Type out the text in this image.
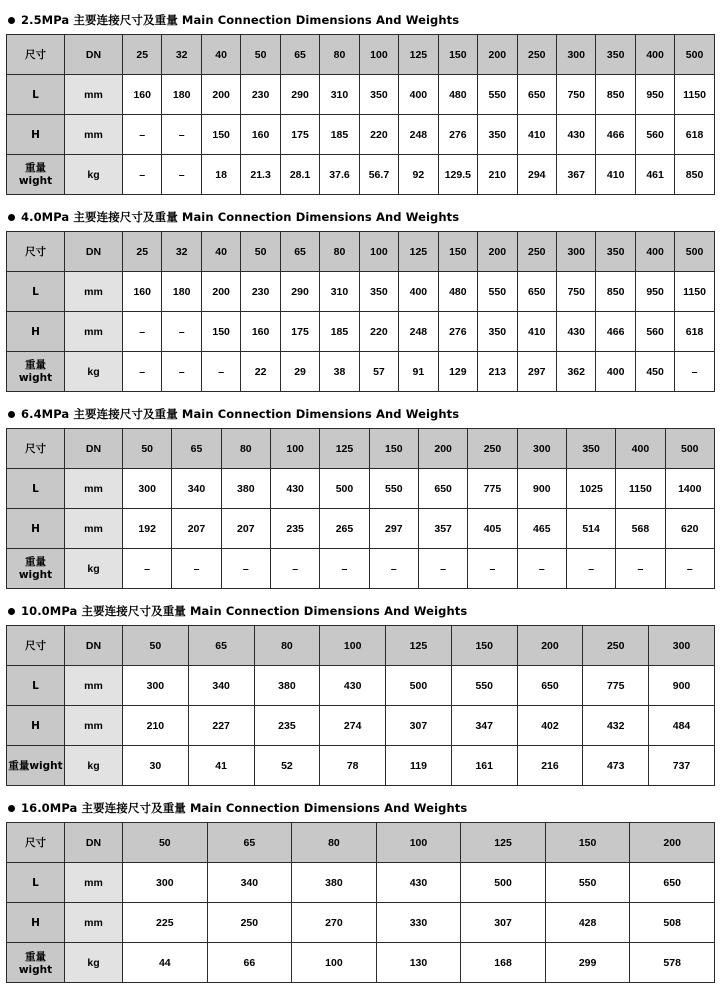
2.5MPa 主要连接尺寸及重量 Main Connection Dimensions And Weights
尺寸	DN	25	32	40	50	65	80	100	125	150	200	250	300	350	400	500
L	mm	160	180	200	230	290	310	350	400	480	550	650	750	850	950	1150
H	mm	–	–	150	160	175	185	220	248	276	350	410	430	466	560	618

重量
wight	kg	–	–	18	21.3	28.1	37.6	56.7	92	129.5	210	294	367	410	461	850
4.0MPa 主要连接尺寸及重量 Main Connection Dimensions And Weights
尺寸	DN	25	32	40	50	65	80	100	125	150	200	250	300	350	400	500
L	mm	160	180	200	230	290	310	350	400	480	550	650	750	850	950	1150
H	mm	–	–	150	160	175	185	220	248	276	350	410	430	466	560	618

重量
wight	kg	–	–	–	22	29	38	57	91	129	213	297	362	400	450	–
6.4MPa 主要连接尺寸及重量 Main Connection Dimensions And Weights
尺寸	DN	50	65	80	100	125	150	200	250	300	350	400	500
L	mm	300	340	380	430	500	550	650	775	900	1025	1150	1400
H	mm	192	207	207	235	265	297	357	405	465	514	568	620

重量
wight	kg	–	–	–	–	–	–	–	–	–	–	–	–
10.0MPa 主要连接尺寸及重量 Main Connection Dimensions And Weights
尺寸	DN	50	65	80	100	125	150	200	250	300
L	mm	300	340	380	430	500	550	650	775	900
H	mm	210	227	235	274	307	347	402	432	484
重量wight	kg	30	41	52	78	119	161	216	473	737
16.0MPa 主要连接尺寸及重量 Main Connection Dimensions And Weights
尺寸	DN	50	65	80	100	125	150	200
L	mm	300	340	380	430	500	550	650
H	mm	225	250	270	330	307	428	508
重量 wight	kg	44	66	100	130	168	299	578
